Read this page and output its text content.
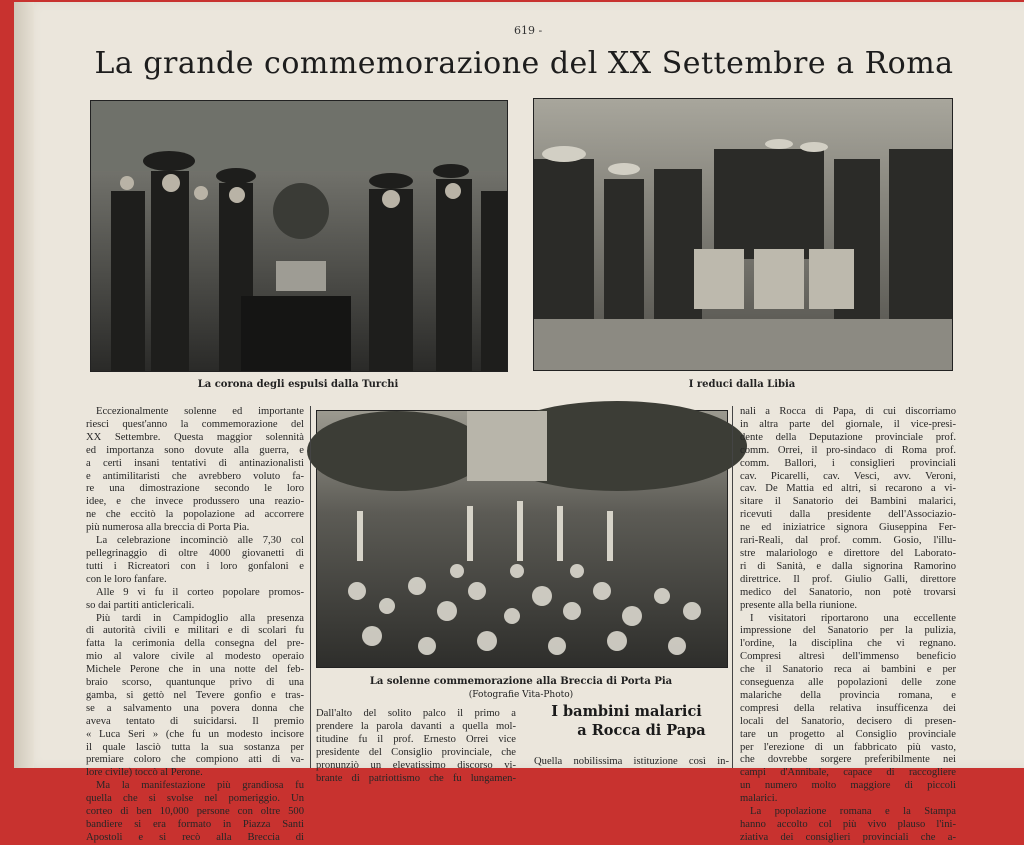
619 -
La grande commemorazione del XX Settembre a Roma
La corona degli espulsi dalla Turchi	I reduci dalla Libia
La solenne commemorazione alla Breccia di Porta Pia
(Fotografie Vita-Photo)
Eccezionalmente solenne ed importante
riesci quest'anno la commemorazione del
XX Settembre. Questa maggior solennità
ed importanza sono dovute alla guerra, e
a certi insani tentativi di antinazionalisti
e antimilitaristi che avrebbero voluto fa-
re una dimostrazione secondo le loro
idee, e che invece produssero una reazio-
ne che eccitò la popolazione ad accorrere
più numerosa alla breccia di Porta Pia.
La celebrazione incominciò alle 7,30 col
pellegrinaggio di oltre 4000 giovanetti di
tutti i Ricreatori con i loro gonfaloni e
con le loro fanfare.
Alle 9 vi fu il corteo popolare promos-
so dai partiti anticlericali.
Più tardi in Campidoglio alla presenza
di autorità civili e militari e di scolari fu
fatta la cerimonia della consegna del pre-
mio al valore civile al modesto operaio
Michele Perone che in una notte del feb-
braio scorso, quantunque privo di una
gamba, si gettò nel Tevere gonfio e tras-
se a salvamento una povera donna che
aveva tentato di suicidarsi. Il premio
« Luca Seri » (che fu un modesto incisore
il quale lasciò tutta la sua sostanza per
premiare coloro che compiono atti di va-
lore civile) toccò al Perone.
Ma la manifestazione più grandiosa fu
quella che si svolse nel pomeriggio. Un
corteo di ben 10,000 persone con oltre 500
bandiere si era formato in Piazza Santi
Apostoli e si recò alla Breccia di
Dall'alto del solito palco il primo a
prendere la parola davanti a quella mol-
titudine fu il prof. Ernesto Orrei vice
presidente del Consiglio provinciale, che
pronunziò un elevatissimo discorso vi-
brante di patriottismo che fu lungamen-
I bambini malarici
a Rocca di Papa
Quella nobilissima istituzione così in-
nali a Rocca di Papa, di cui discorriamo
in altra parte del giornale, il vice-presi-
dente della Deputazione provinciale prof.
comm. Orrei, il pro-sindaco di Roma prof.
comm. Ballori, i consiglieri provinciali
cav. Picarelli, cav. Vesci, avv. Veroni,
cav. De Mattia ed altri, si recarono a vi-
sitare il Sanatorio dei Bambini malarici,
ricevuti dalla presidente dell'Associazio-
ne ed iniziatrice signora Giuseppina Fer-
rari-Reali, dal prof. comm. Gosio, l'illu-
stre malariologo e direttore del Laborato-
ri di Sanità, e dalla signorina Ramorino
direttrice. Il prof. Giulio Galli, direttore
medico del Sanatorio, non potè trovarsi
presente alla bella riunione.
I visitatori riportarono una eccellente
impressione del Sanatorio per la pulizia,
l'ordine, la disciplina che vi regnano.
Compresi altresì dell'immenso beneficio
che il Sanatorio reca ai bambini e per
conseguenza alle popolazioni delle zone
malariche della provincia romana, e
compresi della relativa insufficenza dei
locali del Sanatorio, decisero di presen-
tare un progetto al Consiglio provinciale
per l'erezione di un fabbricato più vasto,
che dovrebbe sorgere preferibilmente nei
campi d'Annibale, capace di raccogliere
un numero molto maggiore di piccoli
malarici.
La popolazione romana e la Stampa
hanno accolto col più vivo plauso l'ini-
ziativa dei consiglieri provinciali che a-
